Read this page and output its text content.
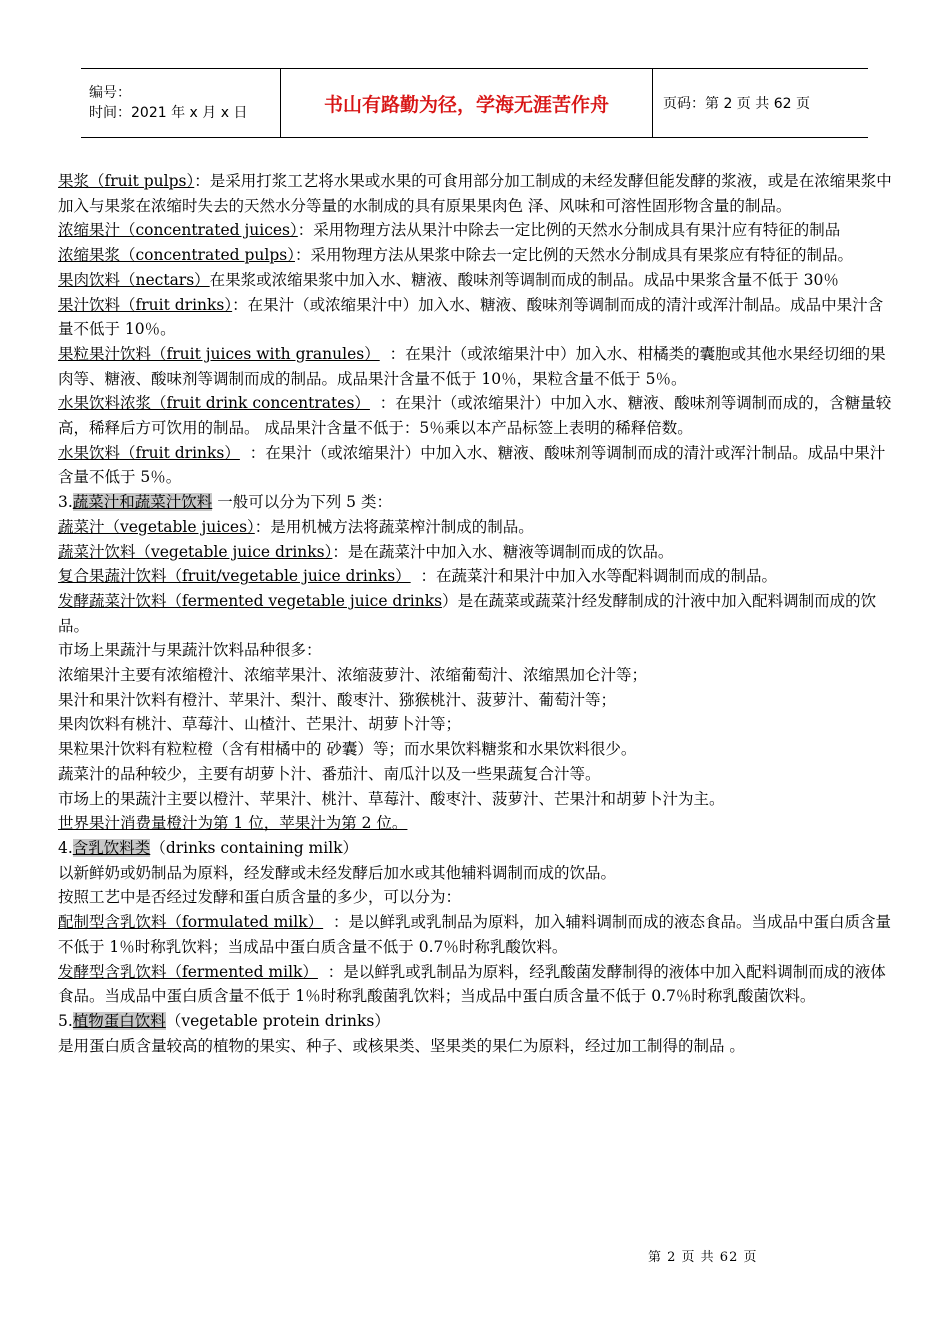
编号：
时间：2021 年 x 月 x 日	书山有路勤为径，学海无涯苦作舟	页码：第 2 页 共 62 页

果浆（fruit pulps）：是采用打浆工艺将水果或水果的可食用部分加工制成的未经发酵但能发酵的浆液，或是在浓缩果浆中加入与果浆在浓缩时失去的天然水分等量的水制成的具有原果果肉色 泽、风味和可溶性固形物含量的制品。

浓缩果汁（concentrated juices）：采用物理方法从果汁中除去一定比例的天然水分制成具有果汁应有特征的制品

浓缩果浆（concentrated pulps）：采用物理方法从果浆中除去一定比例的天然水分制成具有果浆应有特征的制品。

果肉饮料（nectars）在果浆或浓缩果浆中加入水、糖液、酸味剂等调制而成的制品。成品中果浆含量不低于 30％

果汁饮料（fruit drinks）：在果汁（或浓缩果汁中）加入水、糖液、酸味剂等调制而成的清汁或浑汁制品。成品中果汁含量不低于 10％。

果粒果汁饮料（fruit juices with granules）  ：在果汁（或浓缩果汁中）加入水、柑橘类的囊胞或其他水果经切细的果肉等、糖液、酸味剂等调制而成的制品。成品果汁含量不低于 10％，果粒含量不低于 5％。

水果饮料浓浆（fruit drink concentrates）  ：在果汁（或浓缩果汁）中加入水、糖液、酸味剂等调制而成的，含糖量较高，稀释后方可饮用的制品。 成品果汁含量不低于：5％乘以本产品标签上表明的稀释倍数。

水果饮料（fruit drinks）  ：在果汁（或浓缩果汁）中加入水、糖液、酸味剂等调制而成的清汁或浑汁制品。成品中果汁含量不低于 5％。

3.蔬菜汁和蔬菜汁饮料 一般可以分为下列 5 类：

蔬菜汁（vegetable juices）：是用机械方法将蔬菜榨汁制成的制品。

蔬菜汁饮料（vegetable juice drinks）：是在蔬菜汁中加入水、糖液等调制而成的饮品。

复合果蔬汁饮料（fruit/vegetable juice drinks）  ：在蔬菜汁和果汁中加入水等配料调制而成的制品。

发酵蔬菜汁饮料（fermented vegetable juice drinks）是在蔬菜或蔬菜汁经发酵制成的汁液中加入配料调制而成的饮品。

市场上果蔬汁与果蔬汁饮料品种很多：

浓缩果汁主要有浓缩橙汁、浓缩苹果汁、浓缩菠萝汁、浓缩葡萄汁、浓缩黑加仑汁等；

果汁和果汁饮料有橙汁、苹果汁、梨汁、酸枣汁、猕猴桃汁、菠萝汁、葡萄汁等；

果肉饮料有桃汁、草莓汁、山楂汁、芒果汁、胡萝卜汁等；

果粒果汁饮料有粒粒橙（含有柑橘中的 砂囊）等；而水果饮料糖浆和水果饮料很少。

蔬菜汁的品种较少，主要有胡萝卜汁、番茄汁、南瓜汁以及一些果蔬复合汁等。

市场上的果蔬汁主要以橙汁、苹果汁、桃汁、草莓汁、酸枣汁、菠萝汁、芒果汁和胡萝卜汁为主。

世界果汁消费量橙汁为第 1 位，苹果汁为第 2 位。

4.含乳饮料类（drinks containing milk）

以新鲜奶或奶制品为原料，经发酵或未经发酵后加水或其他辅料调制而成的饮品。

按照工艺中是否经过发酵和蛋白质含量的多少，可以分为：

配制型含乳饮料（formulated milk）  ：是以鲜乳或乳制品为原料，加入辅料调制而成的液态食品。当成品中蛋白质含量不低于 1％时称乳饮料；当成品中蛋白质含量不低于 0.7％时称乳酸饮料。

发酵型含乳饮料（fermented milk）  ：是以鲜乳或乳制品为原料，经乳酸菌发酵制得的液体中加入配料调制而成的液体食品。当成品中蛋白质含量不低于 1％时称乳酸菌乳饮料；当成品中蛋白质含量不低于 0.7％时称乳酸菌饮料。

5.植物蛋白饮料（vegetable protein drinks）

是用蛋白质含量较高的植物的果实、种子、或核果类、坚果类的果仁为原料，经过加工制得的制品 。

第 2 页 共 62 页
